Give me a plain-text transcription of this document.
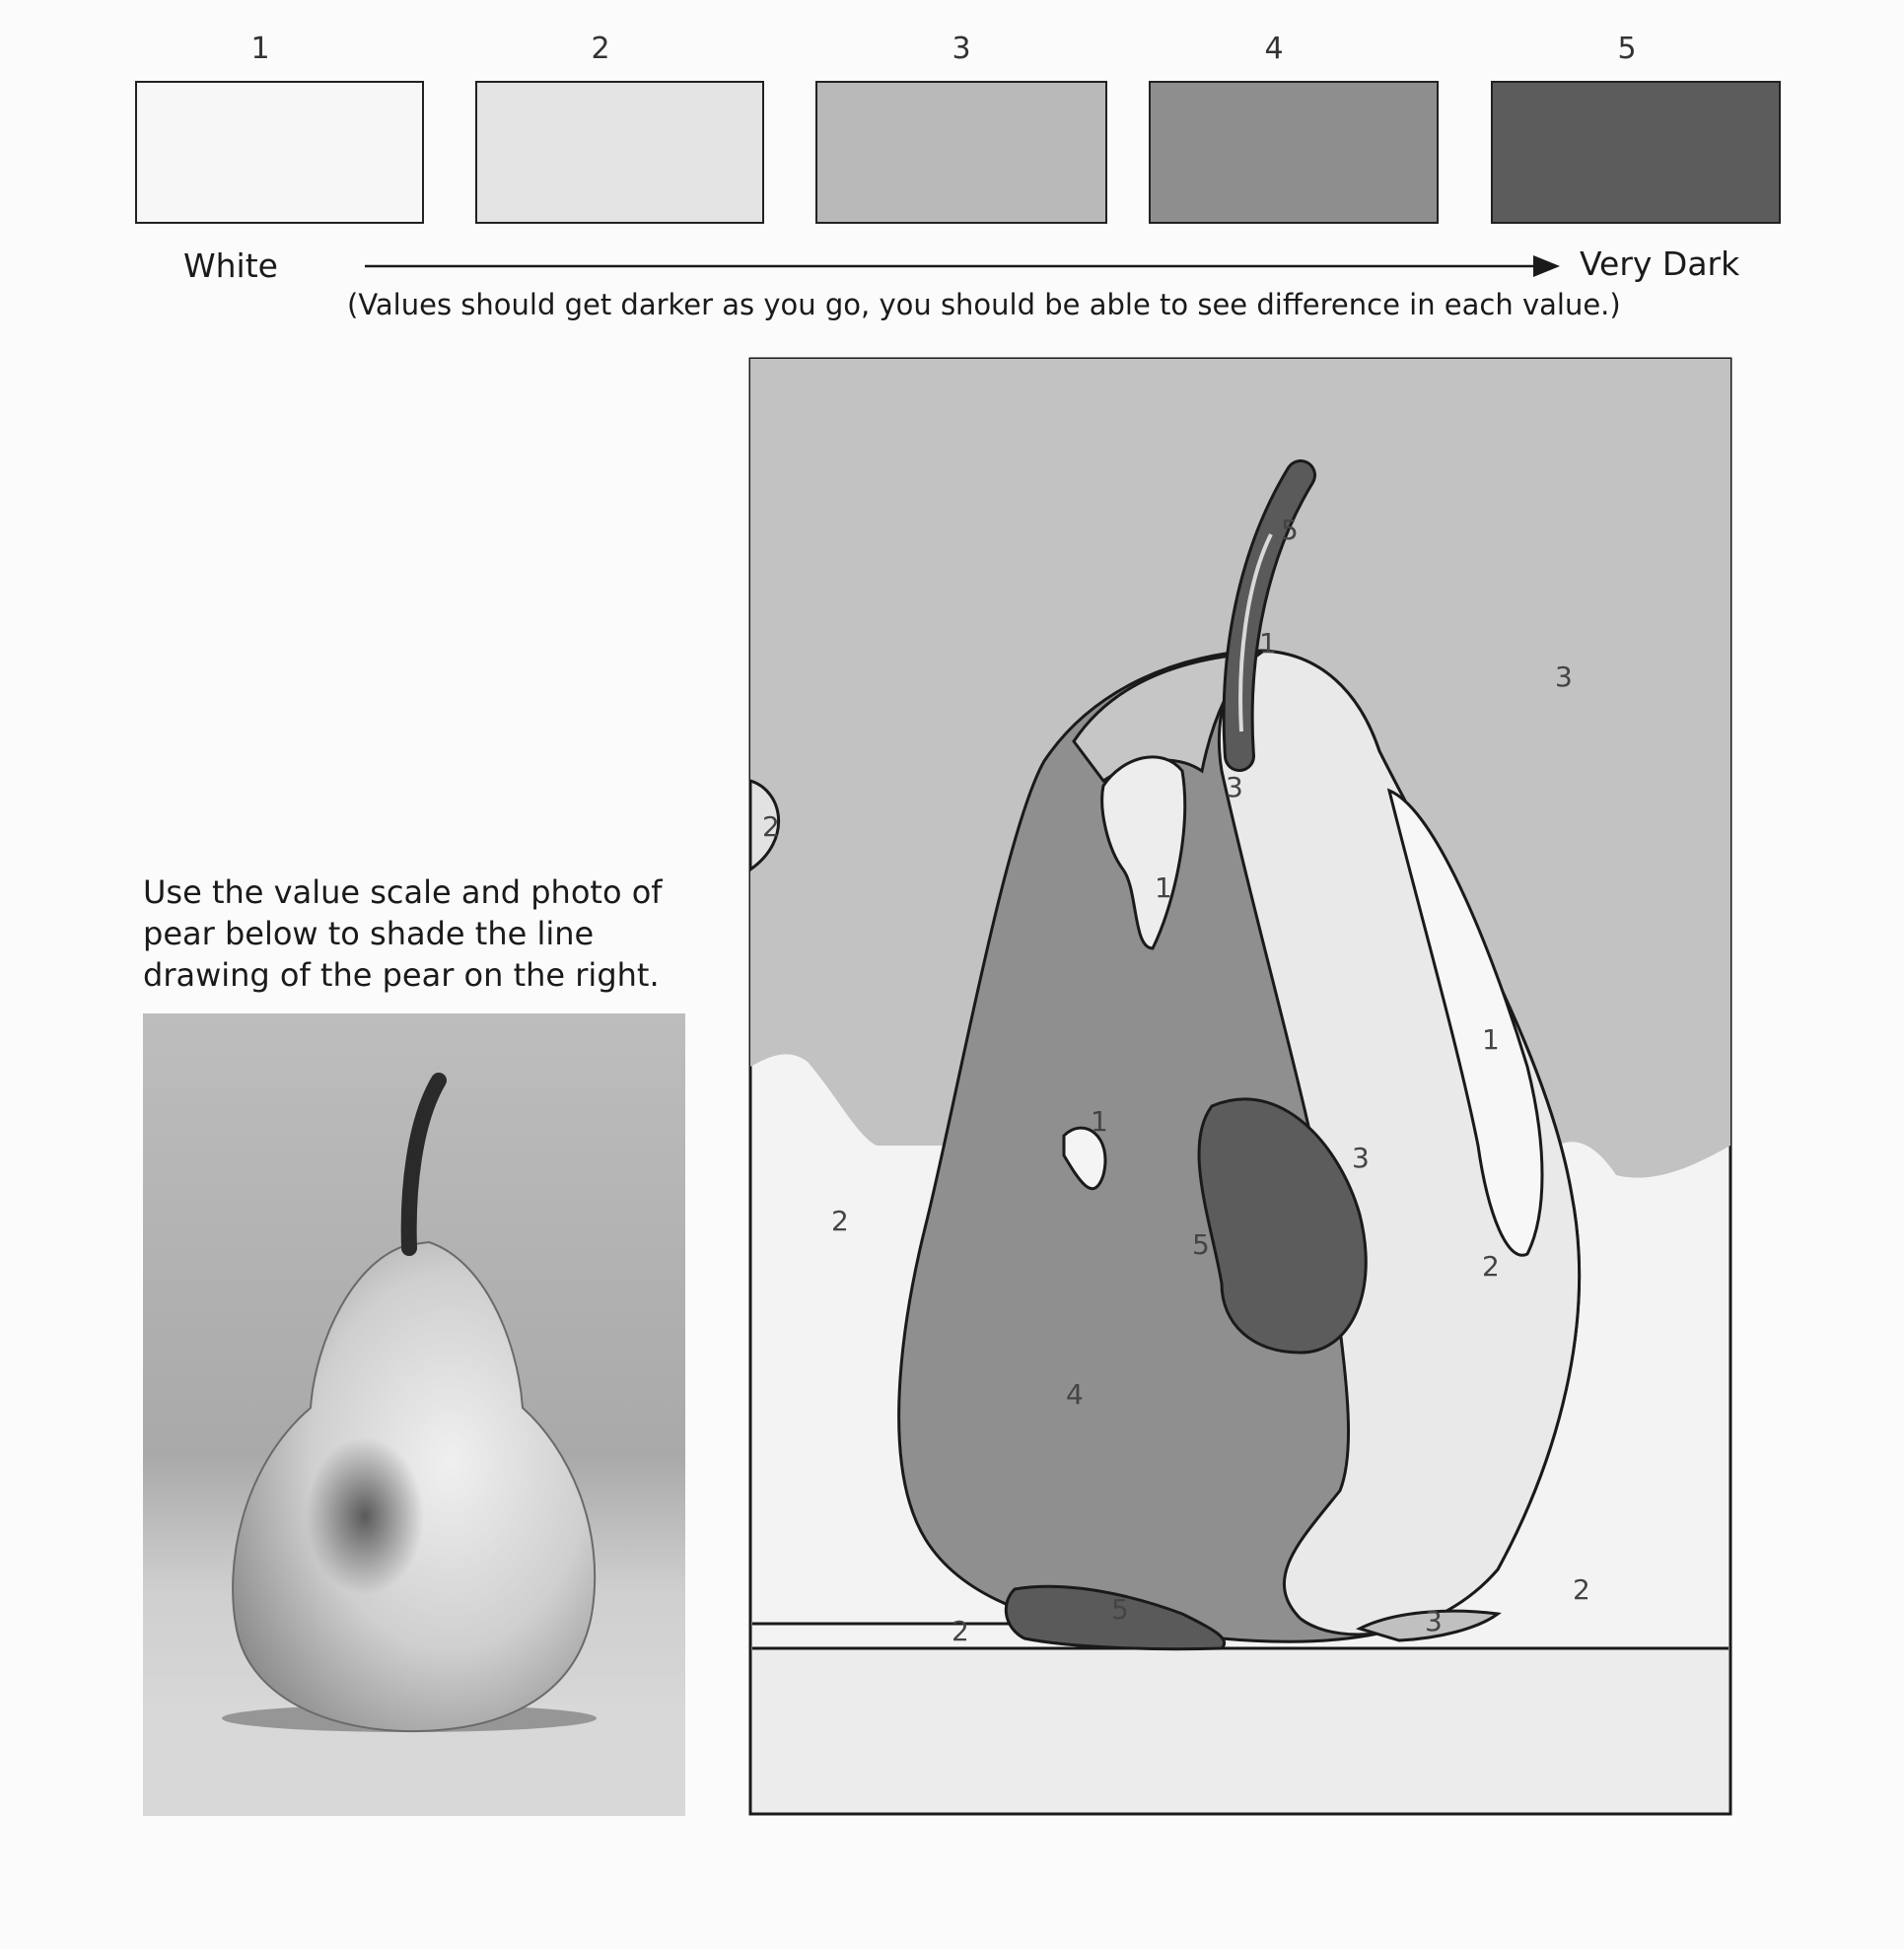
1	2	3	4	5
White	Very Dark
(Values should get darker as you go, you should be able to see difference in each value.)
Use the value scale and photo of pear below to shade the line drawing of the pear on the right.
5
1
3
2
3
1
1
1
3
2
5
2
4
2
3
5
2
